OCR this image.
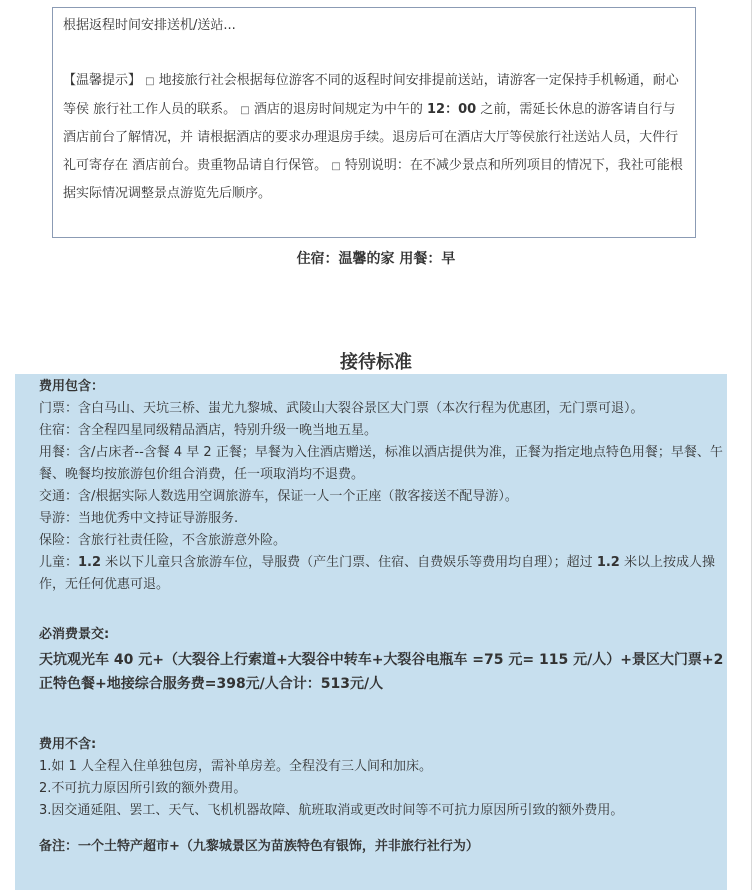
根据返程时间安排送机/送站...

【温馨提示】 □ 地接旅行社会根据每位游客不同的返程时间安排提前送站，请游客一定保持手机畅通，耐心等侯 旅行社工作人员的联系。 □ 酒店的退房时间规定为中午的 12：00 之前，需延长休息的游客请自行与酒店前台了解情况，并 请根据酒店的要求办理退房手续。退房后可在酒店大厅等侯旅行社送站人员，大件行礼可寄存在 酒店前台。贵重物品请自行保管。 □ 特别说明：在不减少景点和所列项目的情况下，我社可能根据实际情况调整景点游览先后顺序。

住宿：温馨的家 用餐：早
接待标准

费用包含：

门票：含白马山、天坑三桥、蚩尤九黎城、武陵山大裂谷景区大门票（本次行程为优惠团，无门票可退）。

住宿：含全程四星同级精品酒店，特别升级一晚当地五星。

用餐：含/占床者--含餐 4 早 2 正餐；早餐为入住酒店赠送，标准以酒店提供为准，正餐为指定地点特色用餐；早餐、午餐、晚餐均按旅游包价组合消费，任一项取消均不退费。

交通：含/根据实际人数选用空调旅游车，保证一人一个正座（散客接送不配导游）。

导游：当地优秀中文持证导游服务.

保险：含旅行社责任险，不含旅游意外险。

儿童：1.2 米以下儿童只含旅游车位，导服费（产生门票、住宿、自费娱乐等费用均自理）；超过 1.2 米以上按成人操作，无任何优惠可退。

必消费景交:

天坑观光车 40 元+（大裂谷上行索道+大裂谷中转车+大裂谷电瓶车 =75 元= 115 元/人）+景区大门票+2 正特色餐+地接综合服务费=398元/人合计：513元/人

费用不含:

1.如 1 人全程入住单独包房，需补单房差。全程没有三人间和加床。

2.不可抗力原因所引致的额外费用。

3.因交通延阻、罢工、天气、飞机机器故障、航班取消或更改时间等不可抗力原因所引致的额外费用。

备注：一个土特产超市+（九黎城景区为苗族特色有银饰，并非旅行社行为）
